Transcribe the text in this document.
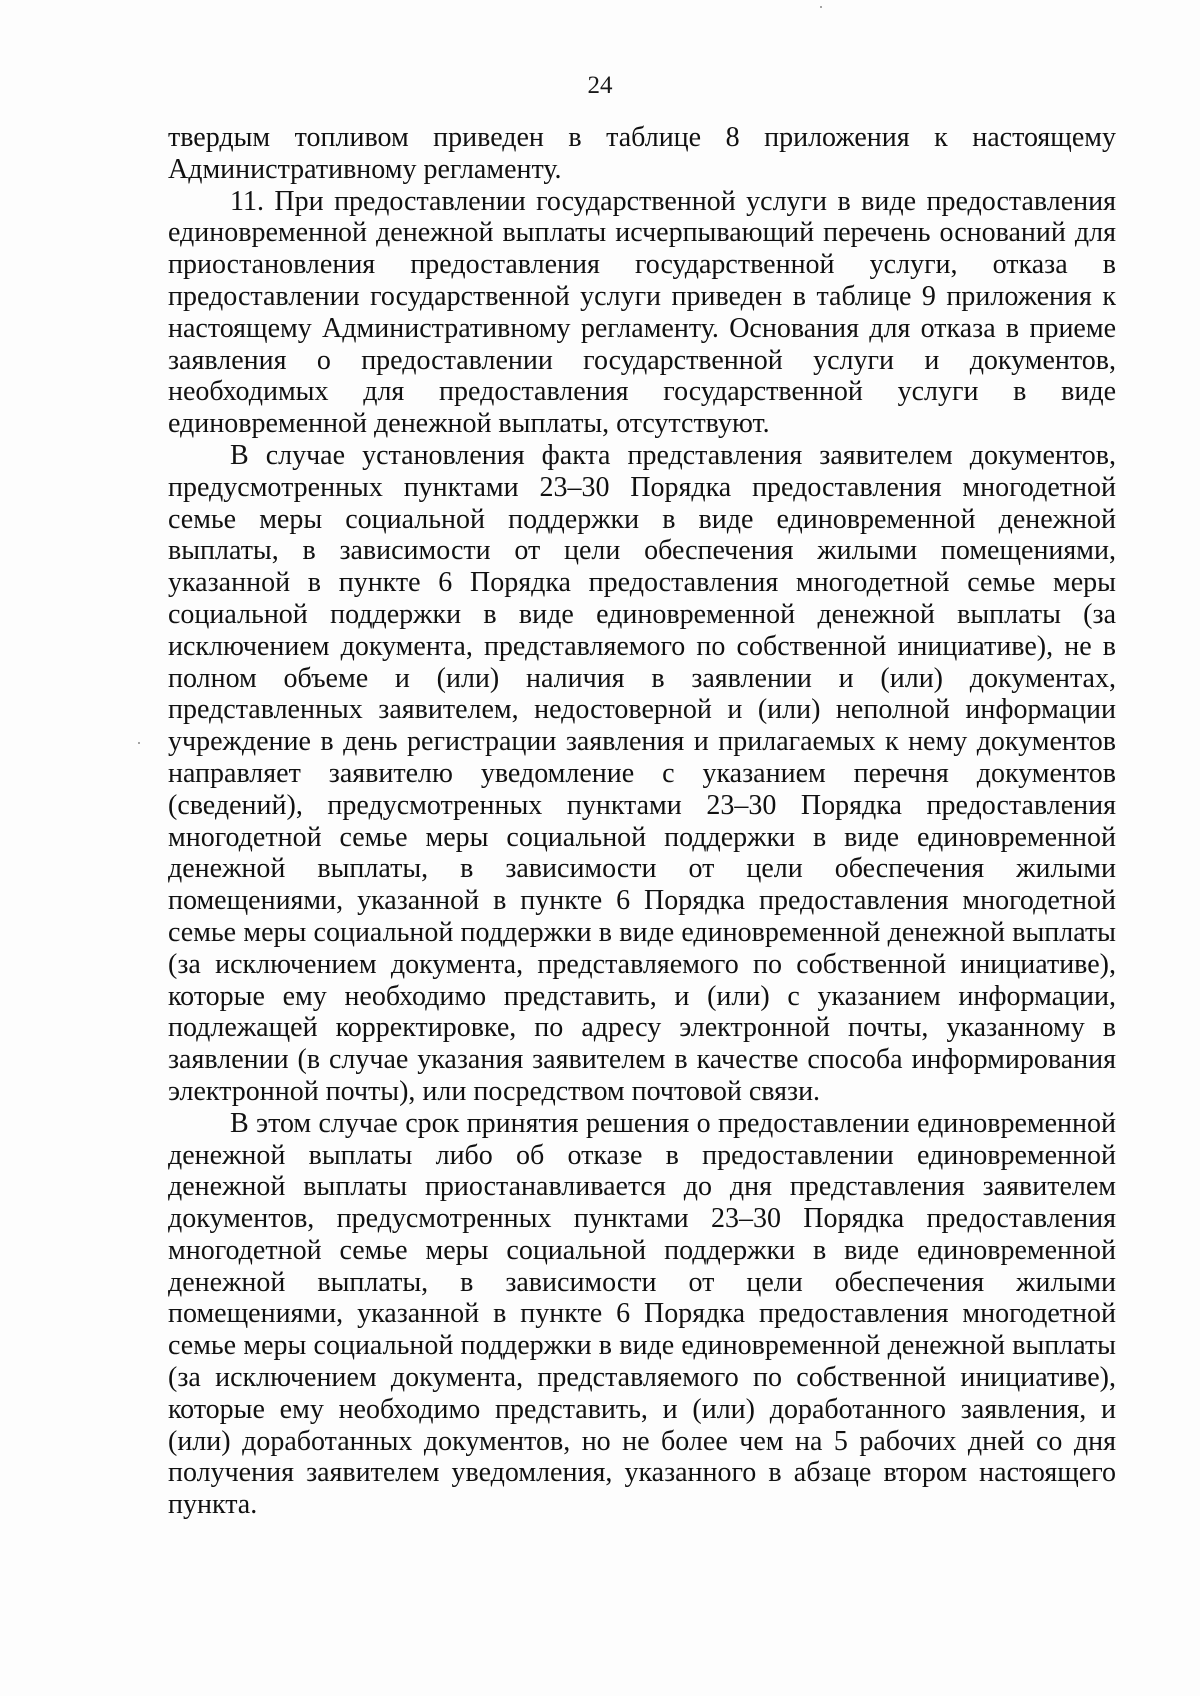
24

твердым топливом приведен в таблице 8 приложения к настоящему Административному регламенту.

11. При предоставлении государственной услуги в виде предоставления единовременной денежной выплаты исчерпывающий перечень оснований для приостановления предоставления государственной услуги, отказа в предоставлении государственной услуги приведен в таблице 9 приложения к настоящему Административному регламенту. Основания для отказа в приеме заявления о предоставлении государственной услуги и документов, необходимых для предоставления государственной услуги в виде единовременной денежной выплаты, отсутствуют.

В случае установления факта представления заявителем документов, предусмотренных пунктами 23–30 Порядка предоставления многодетной семье меры социальной поддержки в виде единовременной денежной выплаты, в зависимости от цели обеспечения жилыми помещениями, указанной в пункте 6 Порядка предоставления многодетной семье меры социальной поддержки в виде единовременной денежной выплаты (за исключением документа, представляемого по собственной инициативе), не в полном объеме и (или) наличия в заявлении и (или) документах, представленных заявителем, недостоверной и (или) неполной информации учреждение в день регистрации заявления и прилагаемых к нему документов направляет заявителю уведомление с указанием перечня документов (сведений), предусмотренных пунктами 23–30 Порядка предоставления многодетной семье меры социальной поддержки в виде единовременной денежной выплаты, в зависимости от цели обеспечения жилыми помещениями, указанной в пункте 6 Порядка предоставления многодетной семье меры социальной поддержки в виде единовременной денежной выплаты (за исключением документа, представляемого по собственной инициативе), которые ему необходимо представить, и (или) с указанием информации, подлежащей корректировке, по адресу электронной почты, указанному в заявлении (в случае указания заявителем в качестве способа информирования электронной почты), или посредством почтовой связи.

В этом случае срок принятия решения о предоставлении единовременной денежной выплаты либо об отказе в предоставлении единовременной денежной выплаты приостанавливается до дня представления заявителем документов, предусмотренных пунктами 23–30 Порядка предоставления многодетной семье меры социальной поддержки в виде единовременной денежной выплаты, в зависимости от цели обеспечения жилыми помещениями, указанной в пункте 6 Порядка предоставления многодетной семье меры социальной поддержки в виде единовременной денежной выплаты (за исключением документа, представляемого по собственной инициативе), которые ему необходимо представить, и (или) доработанного заявления, и (или) доработанных документов, но не более чем на 5 рабочих дней со дня получения заявителем уведомления, указанного в абзаце втором настоящего пункта.
